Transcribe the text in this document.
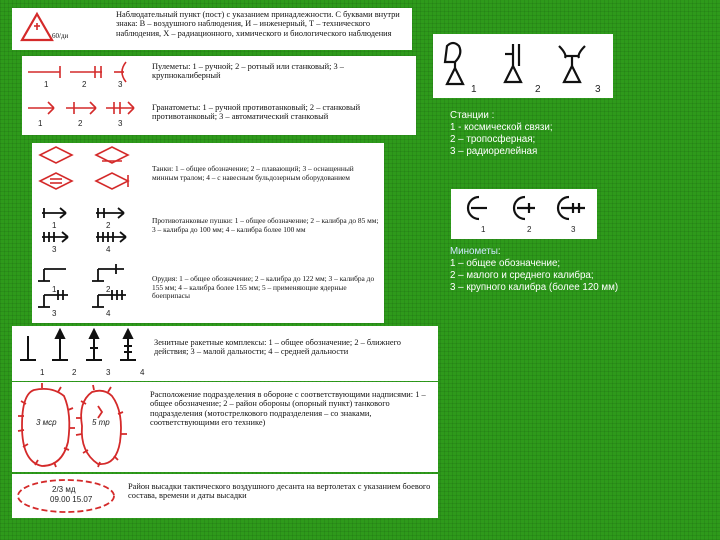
60/ди
Наблюдательный пункт (пост) с указанием принадлежности. С буквами внутри знака: В – воздушного наблюдения, И – инженерный, Т – технического наблюдения, Х – радиационного, химического и биологического наблюдения
1	2	3
Пулеметы: 1 – ручной; 2 – ротный или станковый; 3 – крупнокалиберный
1	2	3
Гранатометы: 1 – ручной противотанковый; 2 – станковый противотанковый; 3 – автоматический станковый
1	2	3
Станции :
1 - космической связи;
2 – тропосферная;
3 – радиорелейная
Танки: 1 – общее обозначение; 2 – плавающий; 3 – оснащенный минным тралом; 4 – с навесным бульдозерным оборудованием
1	2
3	4
Противотанковые пушки: 1 – общее обозначение; 2 – калибра до 85 мм; 3 – калибра до 100 мм; 4 – калибра более 100 мм
1	2
3	4
Орудия: 1 – общее обозначение; 2 – калибра до 122 мм; 3 – калибра до 155 мм; 4 – калибра более 155 мм; 5 – применяющие ядерные боеприпасы
1	2	3
Минометы:
1 – общее обозначение;
2 – малого и среднего калибра;
3 – крупного калибра (более 120 мм)
1	2	3	4
Зенитные ракетные комплексы: 1 – общее обозначение; 2 – ближнего действия; 3 – малой дальности; 4 – средней дальности
3 мср	5 тр
Расположение подразделения в обороне с соответствующими надписями: 1 – общее обозначение; 2 – район обороны (опорный пункт) танкового подразделения (мотострелкового подразделения – со знаками, соответствующими его технике)
2/3 мд
09.00 15.07
Район высадки тактического воздушного десанта на вертолетах с указанием боевого состава, времени и даты высадки
